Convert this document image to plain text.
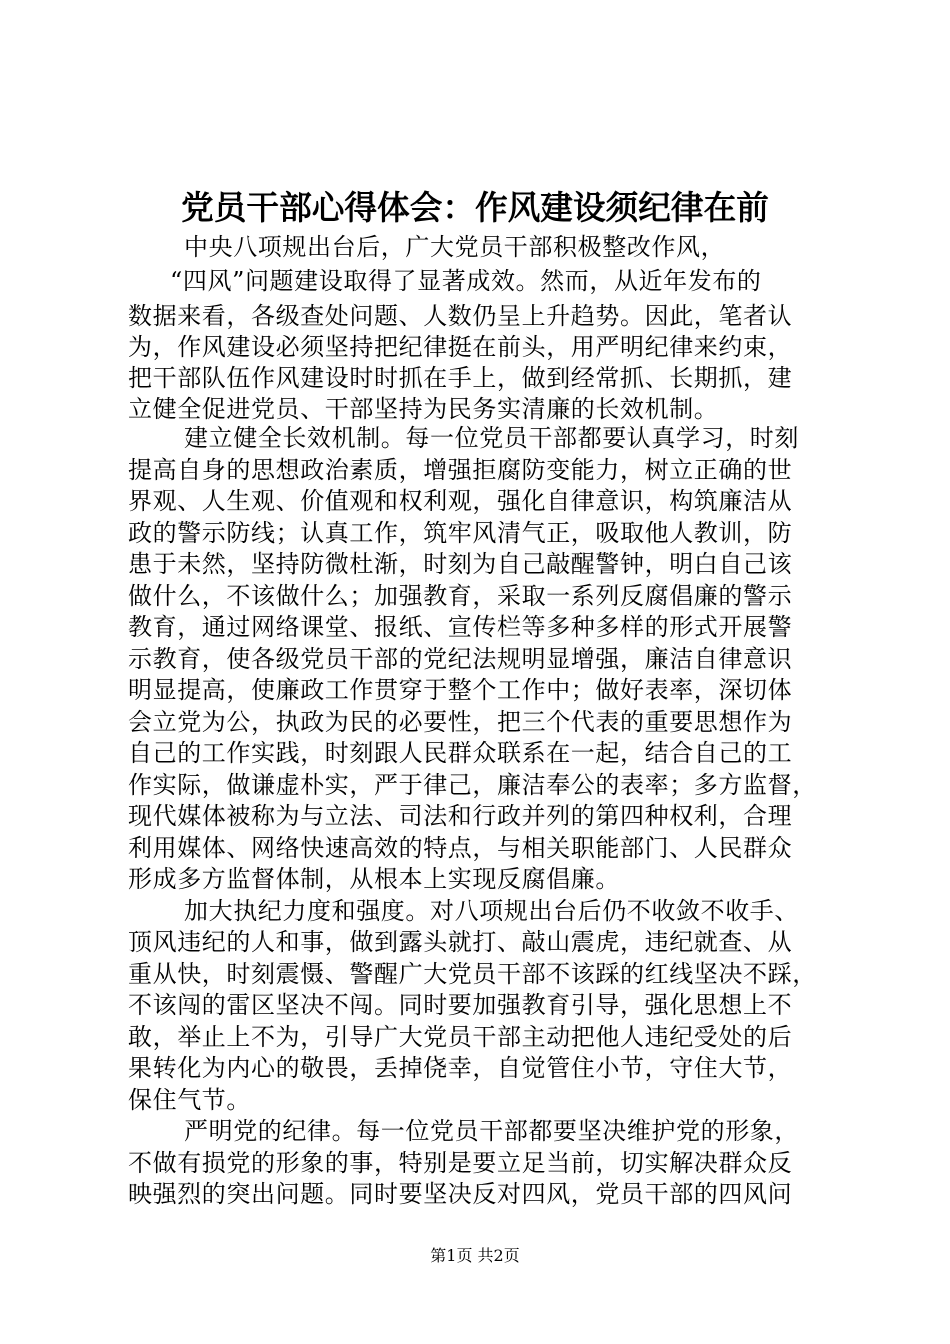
党员干部心得体会：作风建设须纪律在前
中央八项规出台后，广大党员干部积极整改作风，
“四风”问题建设取得了显著成效。然而，从近年发布的
数据来看，各级查处问题、人数仍呈上升趋势。因此，笔者认
为，作风建设必须坚持把纪律挺在前头，用严明纪律来约束，
把干部队伍作风建设时时抓在手上，做到经常抓、长期抓，建
立健全促进党员、干部坚持为民务实清廉的长效机制。
建立健全长效机制。每一位党员干部都要认真学习，时刻
提高自身的思想政治素质，增强拒腐防变能力，树立正确的世
界观、人生观、价值观和权利观，强化自律意识，构筑廉洁从
政的警示防线；认真工作，筑牢风清气正，吸取他人教训，防
患于未然，坚持防微杜渐，时刻为自己敲醒警钟，明白自己该
做什么，不该做什么；加强教育，采取一系列反腐倡廉的警示
教育，通过网络课堂、报纸、宣传栏等多种多样的形式开展警
示教育，使各级党员干部的党纪法规明显增强，廉洁自律意识
明显提高，使廉政工作贯穿于整个工作中；做好表率，深切体
会立党为公，执政为民的必要性，把三个代表的重要思想作为
自己的工作实践，时刻跟人民群众联系在一起，结合自己的工
作实际，做谦虚朴实，严于律己，廉洁奉公的表率；多方监督，
现代媒体被称为与立法、司法和行政并列的第四种权利，合理
利用媒体、网络快速高效的特点，与相关职能部门、人民群众
形成多方监督体制，从根本上实现反腐倡廉。
加大执纪力度和强度。对八项规出台后仍不收敛不收手、
顶风违纪的人和事，做到露头就打、敲山震虎，违纪就查、从
重从快，时刻震慑、警醒广大党员干部不该踩的红线坚决不踩，
不该闯的雷区坚决不闯。同时要加强教育引导，强化思想上不
敢，举止上不为，引导广大党员干部主动把他人违纪受处的后
果转化为内心的敬畏，丢掉侥幸，自觉管住小节，守住大节，
保住气节。
严明党的纪律。每一位党员干部都要坚决维护党的形象，
不做有损党的形象的事，特别是要立足当前，切实解决群众反
映强烈的突出问题。同时要坚决反对四风，党员干部的四风问
第1页 共2页
